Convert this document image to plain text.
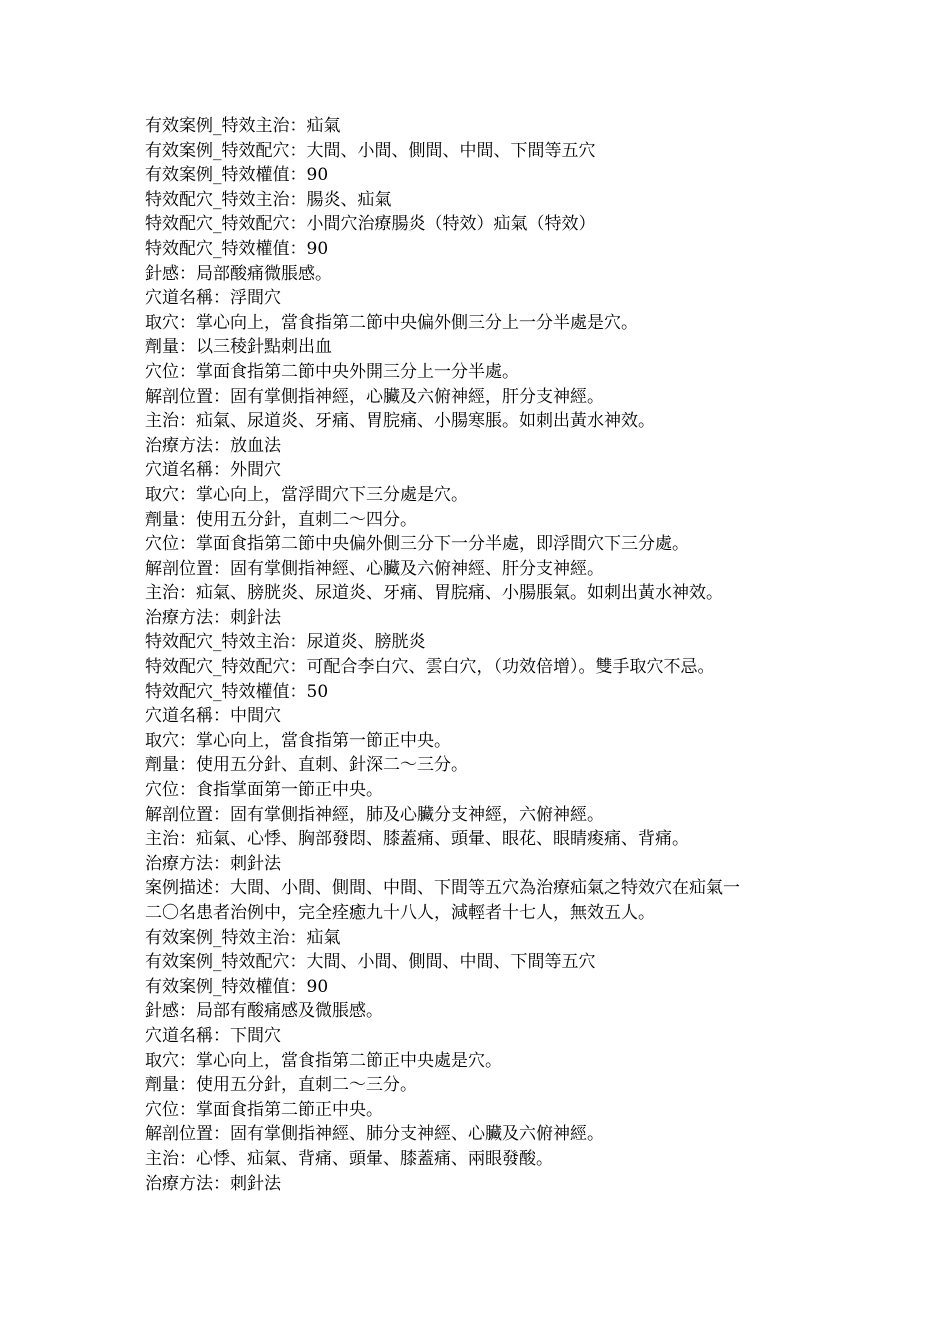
有效案例_特效主治：疝氣
有效案例_特效配穴：大間、小間、側間、中間、下間等五穴
有效案例_特效權值：90
特效配穴_特效主治：腸炎、疝氣
特效配穴_特效配穴：小間穴治療腸炎（特效）疝氣（特效）
特效配穴_特效權值：90
針感：局部酸痛微脹感。
穴道名稱：浮間穴
取穴：掌心向上，當食指第二節中央偏外側三分上一分半處是穴。
劑量：以三稜針點刺出血
穴位：掌面食指第二節中央外開三分上一分半處。
解剖位置：固有掌側指神經，心臟及六俯神經，肝分支神經。
主治：疝氣、尿道炎、牙痛、胃脘痛、小腸寒脹。如刺出黃水神效。
治療方法：放血法
穴道名稱：外間穴
取穴：掌心向上，當浮間穴下三分處是穴。
劑量：使用五分針，直刺二～四分。
穴位：掌面食指第二節中央偏外側三分下一分半處，即浮間穴下三分處。
解剖位置：固有掌側指神經、心臟及六俯神經、肝分支神經。
主治：疝氣、膀胱炎、尿道炎、牙痛、胃脘痛、小腸脹氣。如刺出黃水神效。
治療方法：刺針法
特效配穴_特效主治：尿道炎、膀胱炎
特效配穴_特效配穴：可配合李白穴、雲白穴，（功效倍增）。雙手取穴不忌。
特效配穴_特效權值：50
穴道名稱：中間穴
取穴：掌心向上，當食指第一節正中央。
劑量：使用五分針、直刺、針深二～三分。
穴位：食指掌面第一節正中央。
解剖位置：固有掌側指神經，肺及心臟分支神經，六俯神經。
主治：疝氣、心悸、胸部發悶、膝蓋痛、頭暈、眼花、眼睛痠痛、背痛。
治療方法：刺針法
案例描述：大間、小間、側間、中間、下間等五穴為治療疝氣之特效穴在疝氣一
二〇名患者治例中，完全痊癒九十八人，減輕者十七人，無效五人。
有效案例_特效主治：疝氣
有效案例_特效配穴：大間、小間、側間、中間、下間等五穴
有效案例_特效權值：90
針感：局部有酸痛感及微脹感。
穴道名稱：下間穴
取穴：掌心向上，當食指第二節正中央處是穴。
劑量：使用五分針，直刺二～三分。
穴位：掌面食指第二節正中央。
解剖位置：固有掌側指神經、肺分支神經、心臟及六俯神經。
主治：心悸、疝氣、背痛、頭暈、膝蓋痛、兩眼發酸。
治療方法：刺針法
